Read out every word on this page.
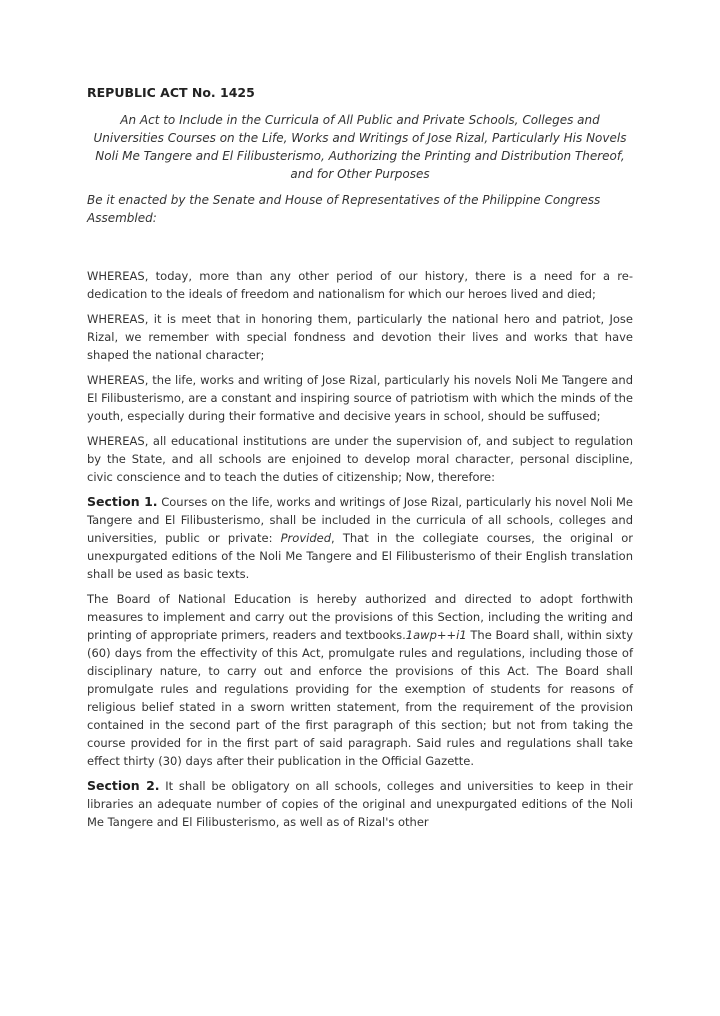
REPUBLIC ACT No. 1425
An Act to Include in the Curricula of All Public and Private Schools, Colleges and Universities Courses on the Life, Works and Writings of Jose Rizal, Particularly His Novels Noli Me Tangere and El Filibusterismo, Authorizing the Printing and Distribution Thereof, and for Other Purposes
Be it enacted by the Senate and House of Representatives of the Philippine Congress Assembled:

WHEREAS, today, more than any other period of our history, there is a need for a re-dedication to the ideals of freedom and nationalism for which our heroes lived and died;

WHEREAS, it is meet that in honoring them, particularly the national hero and patriot, Jose Rizal, we remember with special fondness and devotion their lives and works that have shaped the national character;

WHEREAS, the life, works and writing of Jose Rizal, particularly his novels Noli Me Tangere and El Filibusterismo, are a constant and inspiring source of patriotism with which the minds of the youth, especially during their formative and decisive years in school, should be suffused;

WHEREAS, all educational institutions are under the supervision of, and subject to regulation by the State, and all schools are enjoined to develop moral character, personal discipline, civic conscience and to teach the duties of citizenship; Now, therefore:

Section 1. Courses on the life, works and writings of Jose Rizal, particularly his novel Noli Me Tangere and El Filibusterismo, shall be included in the curricula of all schools, colleges and universities, public or private: Provided, That in the collegiate courses, the original or unexpurgated editions of the Noli Me Tangere and El Filibusterismo of their English translation shall be used as basic texts.

The Board of National Education is hereby authorized and directed to adopt forthwith measures to implement and carry out the provisions of this Section, including the writing and printing of appropriate primers, readers and textbooks.1awp++i1 The Board shall, within sixty (60) days from the effectivity of this Act, promulgate rules and regulations, including those of disciplinary nature, to carry out and enforce the provisions of this Act. The Board shall promulgate rules and regulations providing for the exemption of students for reasons of religious belief stated in a sworn written statement, from the requirement of the provision contained in the second part of the first paragraph of this section; but not from taking the course provided for in the first part of said paragraph. Said rules and regulations shall take effect thirty (30) days after their publication in the Official Gazette.

Section 2. It shall be obligatory on all schools, colleges and universities to keep in their libraries an adequate number of copies of the original and unexpurgated editions of the Noli Me Tangere and El Filibusterismo, as well as of Rizal's other
